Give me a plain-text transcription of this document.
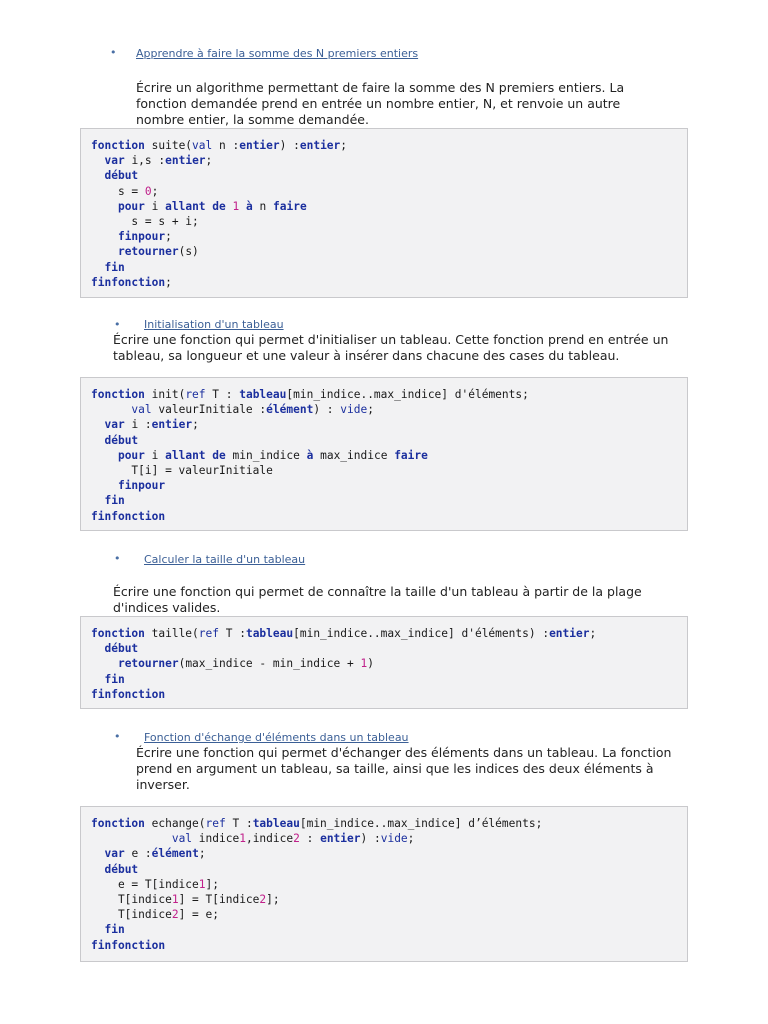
• Apprendre à faire la somme des N premiers entiers
Écrire un algorithme permettant de faire la somme des N premiers entiers. La
fonction demandée prend en entrée un nombre entier, N, et renvoie un autre
nombre entier, la somme demandée.
fonction suite(val n :entier) :entier;
var i,s :entier;
début
s = 0;
pour i allant de 1 à n faire
s = s + i;
finpour;
retourner(s)
fin
finfonction;
• Initialisation d'un tableau
Écrire une fonction qui permet d'initialiser un tableau. Cette fonction prend en entrée un
tableau, sa longueur et une valeur à insérer dans chacune des cases du tableau.
fonction init(ref T : tableau[min_indice..max_indice] d'éléments;
val valeurInitiale :élément) : vide;
var i :entier;
début
pour i allant de min_indice à max_indice faire
T[i] = valeurInitiale
finpour
fin
finfonction
• Calculer la taille d'un tableau
Écrire une fonction qui permet de connaître la taille d'un tableau à partir de la plage
d'indices valides.
fonction taille(ref T :tableau[min_indice..max_indice] d'éléments) :entier;
début
retourner(max_indice - min_indice + 1)
fin
finfonction
• Fonction d'échange d'éléments dans un tableau
Écrire une fonction qui permet d'échanger des éléments dans un tableau. La fonction
prend en argument un tableau, sa taille, ainsi que les indices des deux éléments à
inverser.
fonction echange(ref T :tableau[min_indice..max_indice] d’éléments;
val indice1,indice2 : entier) :vide;
var e :élément;
début
e = T[indice1];
T[indice1] = T[indice2];
T[indice2] = e;
fin
finfonction
